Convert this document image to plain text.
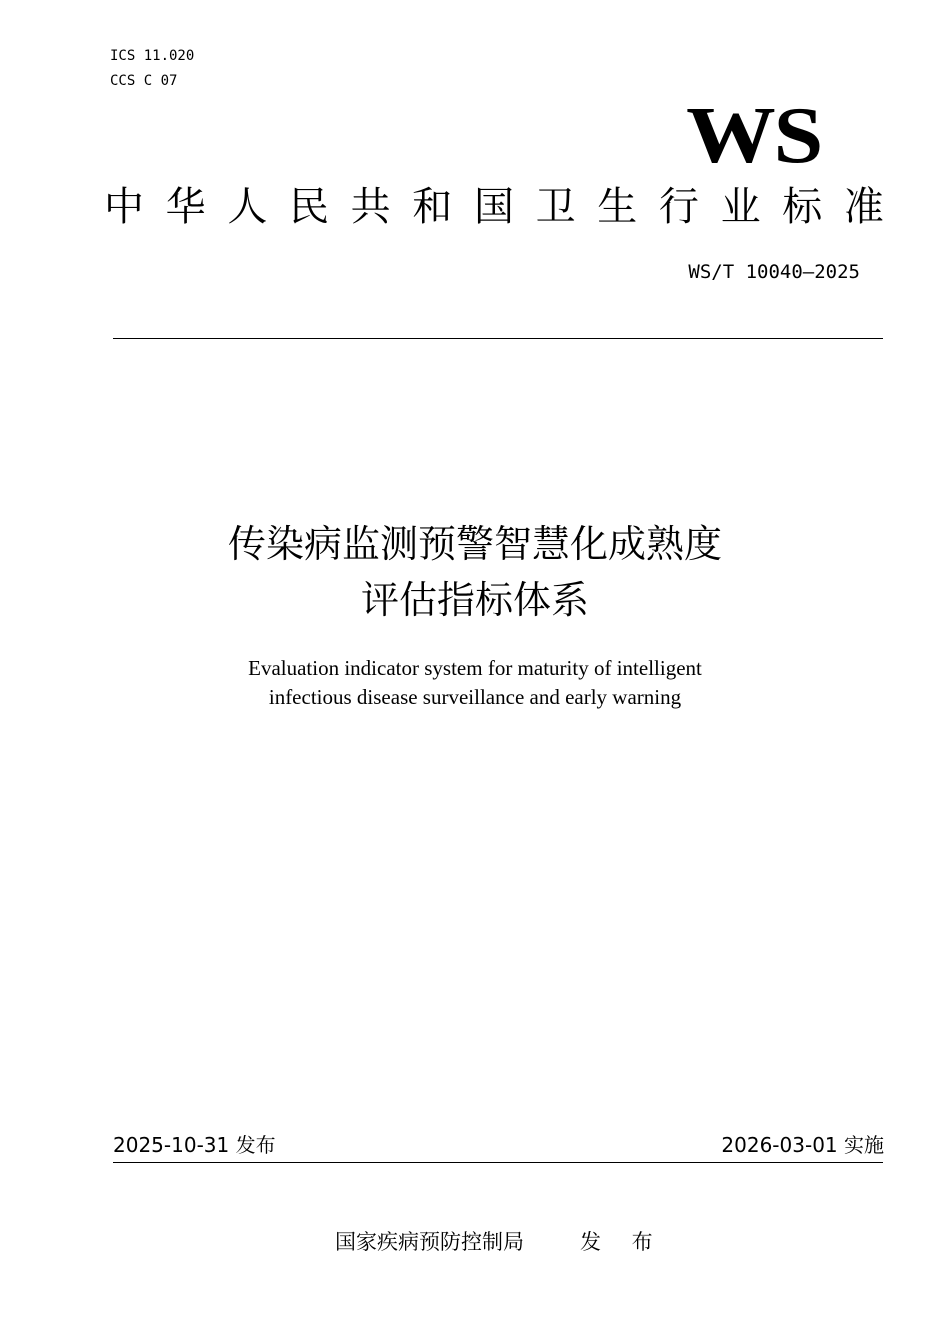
ICS 11.020
CCS C 07
WS
中 华 人 民 共 和 国 卫 生 行 业 标 准
WS/T 10040—2025
传染病监测预警智慧化成熟度
评估指标体系
Evaluation indicator system for maturity of intelligent
infectious disease surveillance and early warning
2025-10-31 发布	2026-03-01 实施
国家疾病预防控制局	发 布
